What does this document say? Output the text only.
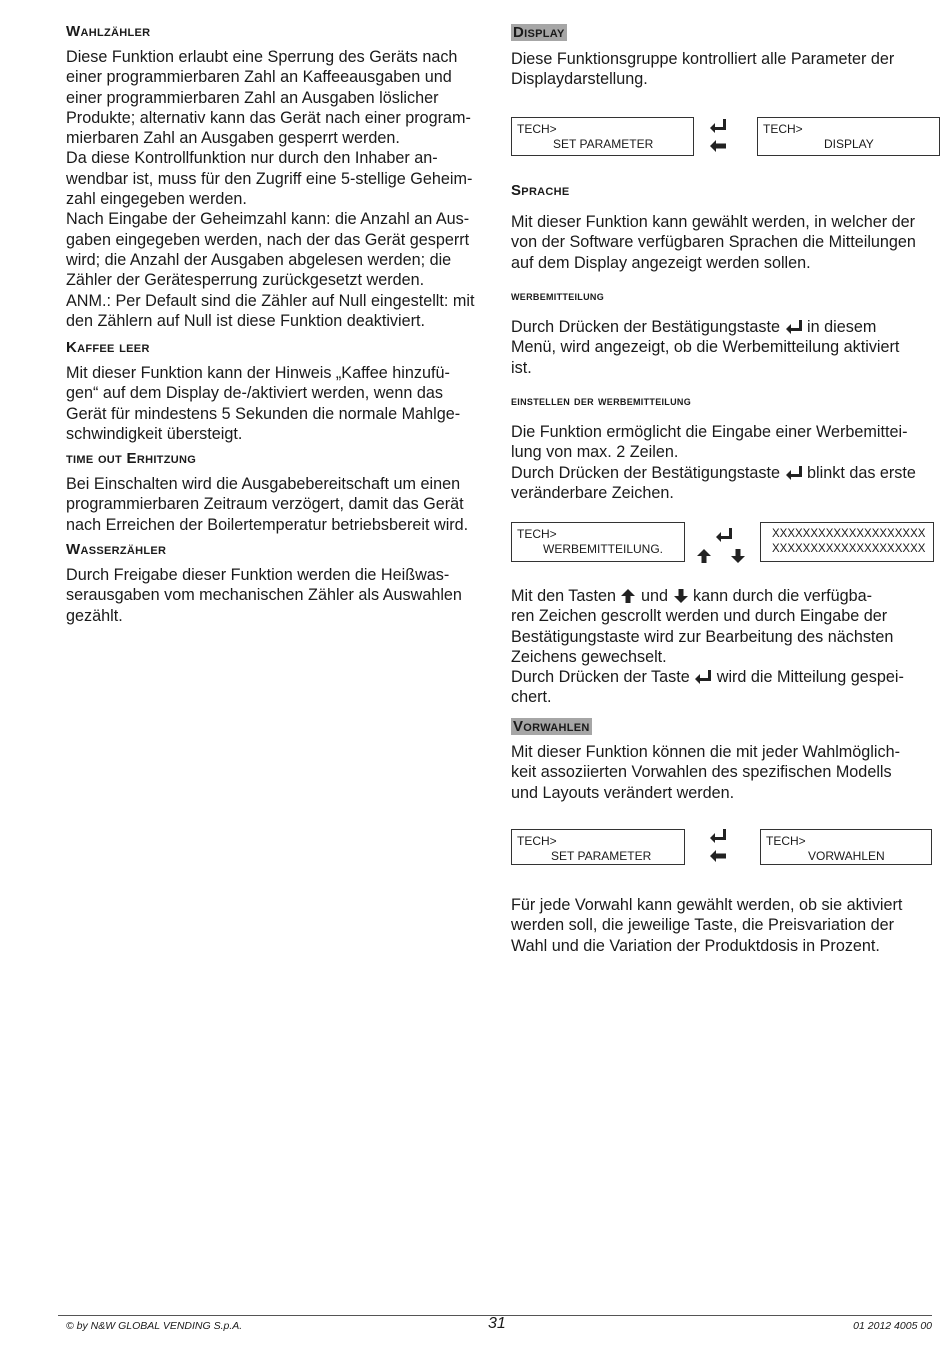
Wahlzähler

Diese Funktion erlaubt eine Sperrung des Geräts nach

einer programmierbaren Zahl an Kaffeeausgaben und

einer programmierbaren Zahl an Ausgaben löslicher

Produkte; alternativ kann das Gerät nach einer program-

mierbaren Zahl an Ausgaben gesperrt werden.

Da diese Kontrollfunktion nur durch den Inhaber an-

wendbar ist, muss für den Zugriff eine 5-stellige Geheim-

zahl eingegeben werden.

Nach Eingabe der Geheimzahl kann: die Anzahl an Aus-

gaben eingegeben werden, nach der das Gerät gesperrt

wird; die Anzahl der Ausgaben abgelesen werden; die

Zähler der Gerätesperrung zurückgesetzt werden.

ANM.: Per Default sind die Zähler auf Null eingestellt: mit

den Zählern auf Null ist diese Funktion deaktiviert.

Kaffee leer

Mit dieser Funktion kann der Hinweis „Kaffee hinzufü-

gen“ auf dem Display de-/aktiviert werden, wenn das

Gerät für mindestens 5 Sekunden die normale Mahlge-

schwindigkeit übersteigt.

time out Erhitzung

Bei Einschalten wird die Ausgabebereitschaft um einen

programmierbaren Zeitraum verzögert, damit das Gerät

nach Erreichen der Boilertemperatur betriebsbereit wird.

Wasserzähler

Durch Freigabe dieser Funktion werden die Heißwas-

serausgaben vom mechanischen Zähler als Auswahlen

gezählt.

Display

Diese Funktionsgruppe kontrolliert alle Parameter der

Displaydarstellung.

TECH>
SET PARAMETER
TECH>
DISPLAY
Sprache

Mit dieser Funktion kann gewählt werden, in welcher der

von der Software verfügbaren Sprachen die Mitteilungen

auf dem Display angezeigt werden sollen.

werbemitteilung

Durch Drücken der Bestätigungstaste in diesem

Menü, wird angezeigt, ob die Werbemitteilung aktiviert

ist.

einstellen der werbemitteilung

Die Funktion ermöglicht die Eingabe einer Werbemittei-

lung von max. 2 Zeilen.

Durch Drücken der Bestätigungstaste blinkt das erste

veränderbare Zeichen.

TECH>
WERBEMITTEILUNG.
XXXXXXXXXXXXXXXXXXXX
XXXXXXXXXXXXXXXXXXXX

Mit den Tasten und kann durch die verfügba-

ren Zeichen gescrollt werden und durch Eingabe der

Bestätigungstaste wird zur Bearbeitung des nächsten

Zeichens gewechselt.

Durch Drücken der Taste wird die Mitteilung gespei-

chert.

Vorwahlen

Mit dieser Funktion können die mit jeder Wahlmöglich-

keit assoziierten Vorwahlen des spezifischen Modells

und Layouts verändert werden.

TECH>
SET PARAMETER
TECH>
VORWAHLEN

Für jede Vorwahl kann gewählt werden, ob sie aktiviert

werden soll, die jeweilige Taste, die Preisvariation der

Wahl und die Variation der Produktdosis in Prozent.

© by N&W GLOBAL VENDING S.p.A.	31	01 2012 4005 00
